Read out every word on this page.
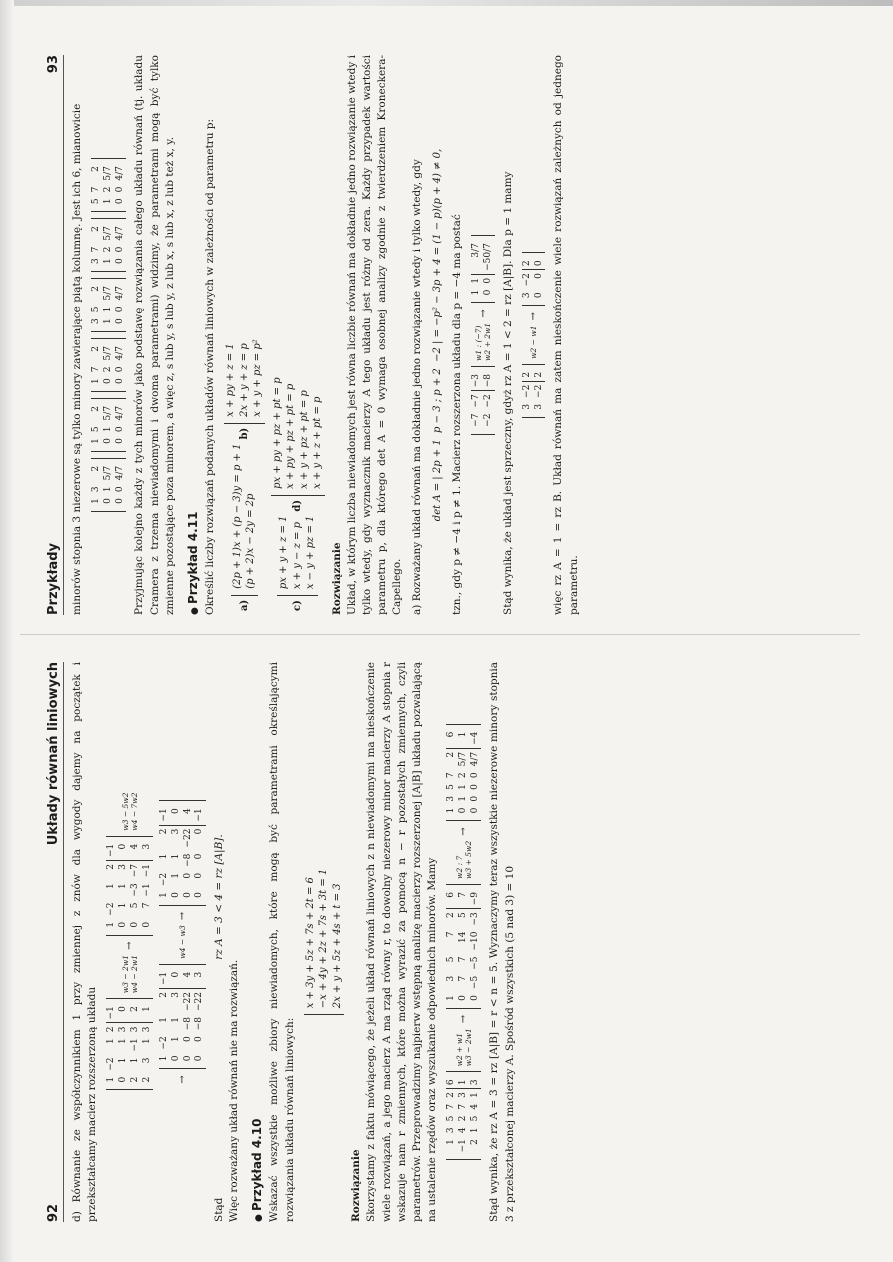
92
Układy równań liniowych d) Równanie ze współczynnikiem 1 przy zmiennej z znów dla wygody dajemy na początek i przekształcamy macierz rozszerzoną układu 1	−2	1	2	−1
0	1	1	3	0
2	1	−1	3	2
2	3	1	3	1
w3 − 2w1 w4 − 2w1
→
1	−2	1	2	−1
0	1	1	3	0
0	5	−3	−7	4
0	7	−1	−1	3
w3 − 5w2 w4 − 7w2
→
1	−2	1	2	−1
0	1	1	3	0
0	0	−8	−22	4
0	0	−8	−22	3
w4 − w3
→
1	−2	1	2	−1
0	1	1	3	0
0	0	−8	−22	4
0	0	0	0	−1
Stąd
rz A = 3 < 4 = rz [A|B].

Więc rozważany układ równań nie ma rozwiązań. ● Przykład 4.10 Wskazać wszystkie możliwe zbiory niewiadomych, które mogą być parametrami określającymi rozwiązania układu równań liniowych:

x + 3y + 5z + 7s + 2t = 6 −x + 4y + 2z + 7s + 3t = 1 2x + y + 5z + 4s + t = 3
Rozwiązanie Skorzystamy z faktu mówiącego, że jeżeli układ równań liniowych z n niewiadomymi ma nieskończenie wiele rozwiązań, a jego macierz A ma rząd równy r, to dowolny niezerowy minor macierzy A stopnia r wskazuje nam r zmiennych, które można wyrazić za pomocą n − r pozostałych zmiennych, czyli parametrów. Przeprowadzimy najpierw wstępną analizę macierzy rozszerzonej [A|B] układu pozwalającą na ustalenie rzędów oraz wyszukanie odpowiednich minorów. Mamy 1	3	5	7	2	6
−1	4	2	7	3	1
2	1	5	4	1	3
w2 + w1 w3 − 2w1
→
1	3	5	7	2	6
0	7	7	14	5	7
0	−5	−5	−10	−3	−9
w2 : 7 w3 + 5w2
→
1	3	5	7	2	6
0	1	1	2	5/7	1
0	0	0	0	4/7	−4 Stąd wynika, że rz A = 3 = rz [A|B] = r < n = 5. Wyznaczymy teraz wszystkie niezerowe minory stopnia 3 z przekształconej macierzy A. Spośród wszystkich (5 nad 3) = 10

Przykłady
93

minorów stopnia 3 niezerowe są tylko minory zawierające piątą kolumnę. Jest ich 6, mianowicie 1	3	2
0	1	5/7
0	0	4/7
1	5	2
0	1	5/7
0	0	4/7
1	7	2
0	2	5/7
0	0	4/7
3	5	2
1	1	5/7
0	0	4/7
3	7	2
1	2	5/7
0	0	4/7
5	7	2
1	2	5/7
0	0	4/7 Przyjmując kolejno każdy z tych minorów jako podstawę rozwiązania całego układu równań (tj. układu Cramera z trzema niewiadomymi i dwoma parametrami) widzimy, że parametrami mogą być tylko zmienne pozostające poza minorem, a więc z, s lub y, s lub y, z lub x, s lub x, z lub też x, y. ● Przykład 4.11 Określić liczby rozwiązań podanych układów równań liniowych w zależności od parametru p:	a)
(2p + 1)x + (p − 3)y = p + 1 (p + 2)x − 2y = 2p
b)
x + py + z = 1 2x + y + z = p x + y + pz = p²
c)
px + y + z = 1 x + y − z = p x − y + pz = 1
d)
px + py + pz + pt = p x + py + pz + pt = p x + y + pz + pt = p x + y + z + pt = p
Rozwiązanie Układ, w którym liczba niewiadomych jest równa liczbie równań ma dokładnie jedno rozwiązanie wtedy i tylko wtedy, gdy wyznacznik macierzy A tego układu jest różny od zera. Każdy przypadek wartości parametru p, dla którego det A = 0 wymaga osobnej analizy zgodnie z twierdzeniem Kroneckera-Capellego. a) Rozważany układ równań ma dokładnie jedno rozwiązanie wtedy i tylko wtedy, gdy det A = | 2p + 1  p − 3 ; p + 2  −2 | = −p² − 3p + 4 = (1 − p)(p + 4) ≠ 0, tzn., gdy p ≠ −4 i p ≠ 1. Macierz rozszerzona układu dla p = −4 ma postać −7	−7	−3
−2	−2	−8
w1 : (−7) w2 + 2w1
→
1	1	3/7
0	0	−50/7 Stąd wynika, że układ jest sprzeczny, gdyż rz A = 1 < 2 = rz [A|B]. Dla p = 1 mamy 3	−2	2
3	−2	2
w2 − w1
→
3	−2	2
0	0	0 więc rz A = 1 = rz B. Układ równań ma zatem nieskończenie wiele rozwiązań zależnych od jednego parametru.
